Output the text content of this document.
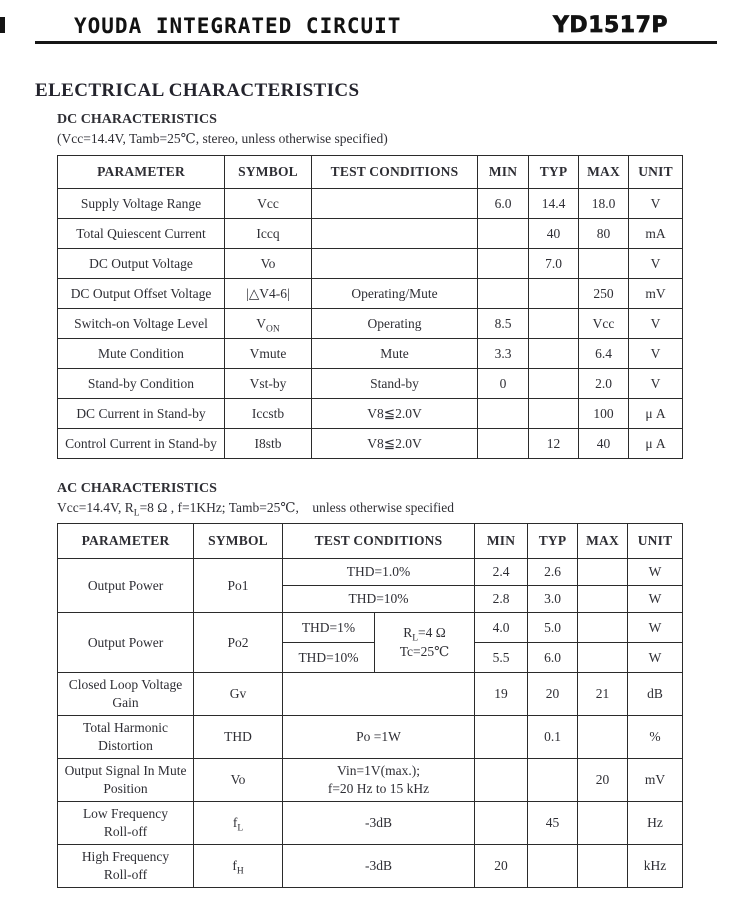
YOUDA INTEGRATED CIRCUIT	YD1517P
ELECTRICAL CHARACTERISTICS
DC CHARACTERISTICS
(Vcc=14.4V, Tamb=25℃, stereo, unless otherwise specified)
PARAMETER	SYMBOL	TEST CONDITIONS	MIN	TYP	MAX	UNIT
Supply Voltage Range	Vcc		6.0	14.4	18.0	V
Total Quiescent Current	Iccq			40	80	mA
DC Output Voltage	Vo			7.0		V
DC Output Offset Voltage	|△V4-6|	Operating/Mute			250	mV
Switch-on Voltage Level	$V_{ON}$	Operating	8.5		Vcc	V
Mute Condition	Vmute	Mute	3.3		6.4	V
Stand-by Condition	Vst-by	Stand-by	0		2.0	V
DC Current in Stand-by	Iccstb	V8≦2.0V			100	μ A
Control Current in Stand-by	I8stb	V8≦2.0V		12	40	μ A
AC CHARACTERISTICS
Vcc=14.4V, $R_L=8$ Ω , f=1KHz; Tamb=25℃, unless otherwise specified
PARAMETER	SYMBOL	TEST CONDITIONS		MIN	TYP	MAX	UNIT
Output Power	Po1	THD=1.0%		2.4	2.6		W
		THD=10%		2.8	3.0		W
Output Power	Po2	THD=1%	$R_L=4$ Ω
Tc=25℃	4.0	5.0		W
		THD=10%		5.5	6.0		W

Closed Loop Voltage
Gain	Gv			19	20	21	dB

Total Harmonic
Distortion	THD	Po =1W			0.1		%

Output Signal In Mute
Position
	Vo	
Vin=1V(max.);
f=20 Hz to 15 kHz
			20	mV

Low Frequency
Roll-off	$f_L$	-3dB			45		Hz

High Frequency
Roll-off	$f_H$	-3dB		20			kHz
